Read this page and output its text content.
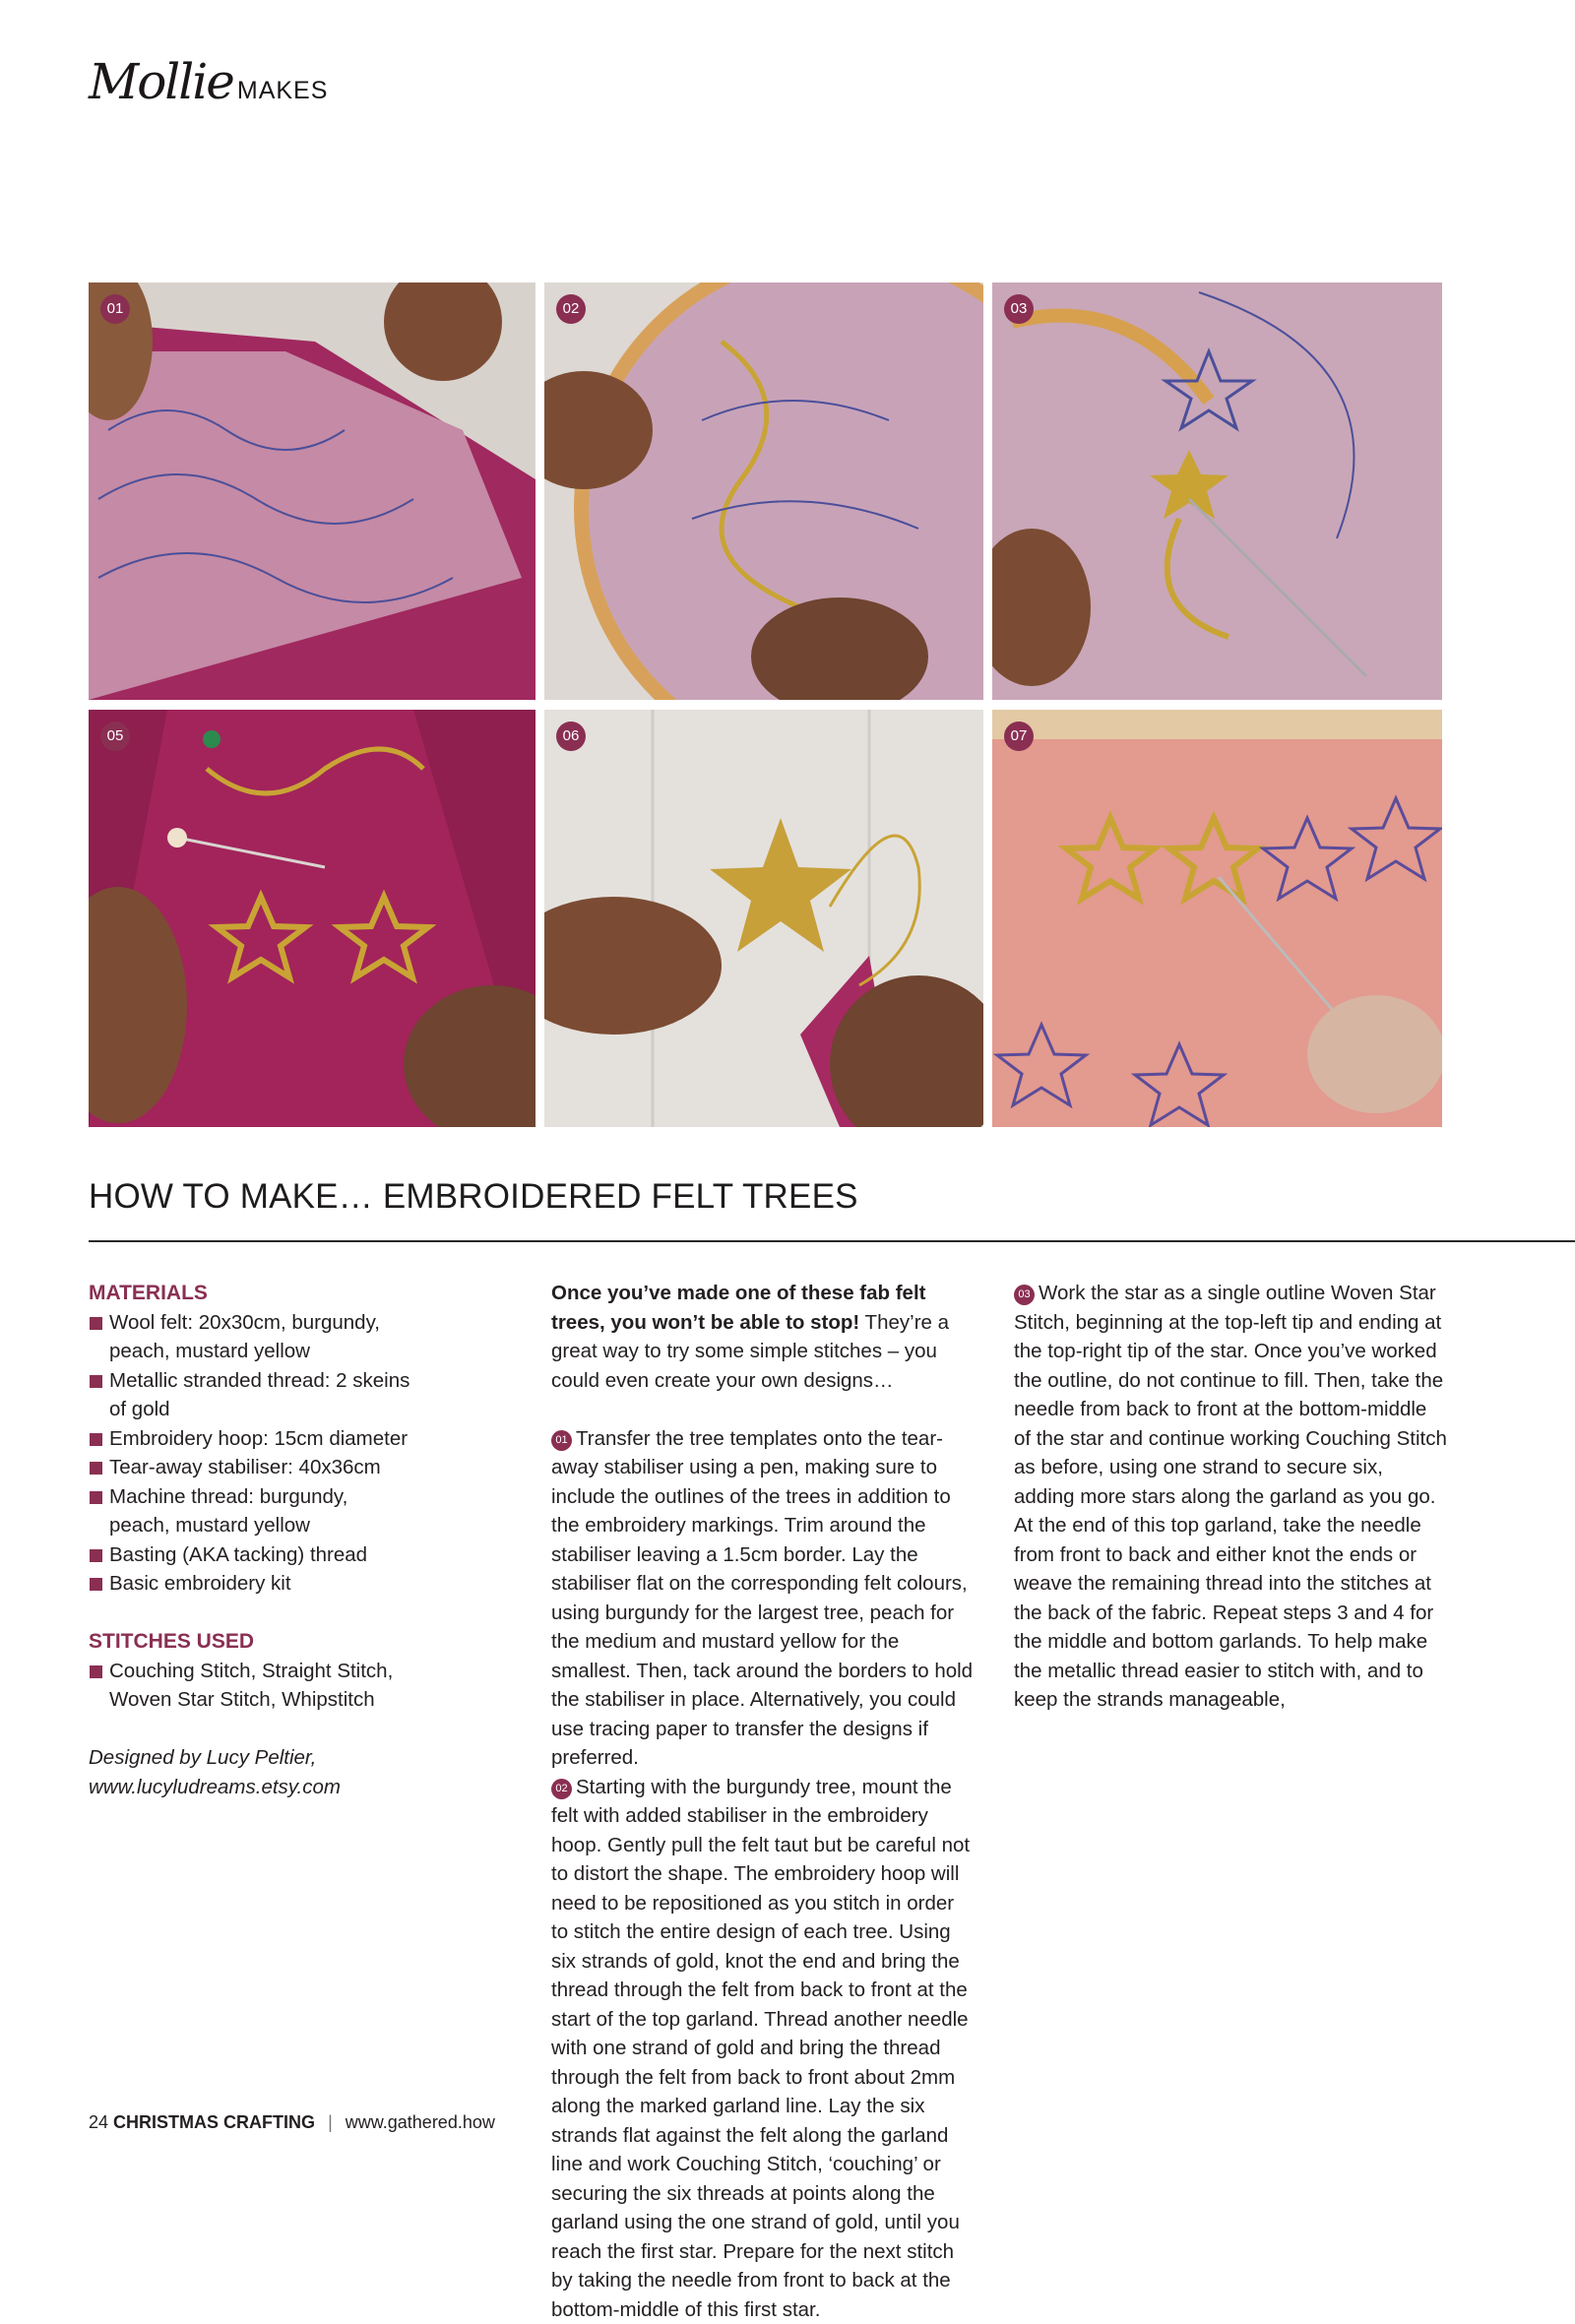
Mollie MAKES
01	02	03
05	06	07
HOW TO MAKE… EMBROIDERED FELT TREES

MATERIALS

Wool felt: 20x30cm, burgundy, peach, mustard yellow
Metallic stranded thread: 2 skeins of gold
Embroidery hoop: 15cm diameter
Tear-away stabiliser: 40x36cm
Machine thread: burgundy, peach, mustard yellow
Basting (AKA tacking) thread
Basic embroidery kit

STITCHES USED

Couching Stitch, Straight Stitch, Woven Star Stitch, Whipstitch

Designed by Lucy Peltier,
www.lucyludreams.etsy.com

Once you’ve made one of these fab felt trees, you won’t be able to stop! They’re a great way to try some simple stitches – you could even create your own designs…

01 Transfer the tree templates onto the tear-away stabiliser using a pen, making sure to include the outlines of the trees in addition to the embroidery markings. Trim around the stabiliser leaving a 1.5cm border. Lay the stabiliser flat on the corresponding felt colours, using burgundy for the largest tree, peach for the medium and mustard yellow for the smallest. Then, tack around the borders to hold the stabiliser in place. Alternatively, you could use tracing paper to transfer the designs if preferred.

02 Starting with the burgundy tree, mount the felt with added stabiliser in the embroidery hoop. Gently pull the felt taut but be careful not to distort the shape. The embroidery hoop will need to be repositioned as you stitch in order to stitch the entire design of each tree. Using six strands of gold, knot the end and bring the thread through the felt from back to front at the start of the top garland. Thread another needle with one strand of gold and bring the thread through the felt from back to front about 2mm along the marked garland line. Lay the six strands flat against the felt along the garland line and work Couching Stitch, ‘couching’ or securing the six threads at points along the garland using the one strand of gold, until you reach the first star. Prepare for the next stitch by taking the needle from front to back at the bottom-middle of this first star.

03 Work the star as a single outline Woven Star Stitch, beginning at the top-left tip and ending at the top-right tip of the star. Once you’ve worked the outline, do not continue to fill. Then, take the needle from back to front at the bottom-middle of the star and continue working Couching Stitch as before, using one strand to secure six, adding more stars along the garland as you go. At the end of this top garland, take the needle from front to back and either knot the ends or weave the remaining thread into the stitches at the back of the fabric. Repeat steps 3 and 4 for the middle and bottom garlands. To help make the metallic thread easier to stitch with, and to keep the strands manageable,

24 CHRISTMAS CRAFTING | www.gathered.how
